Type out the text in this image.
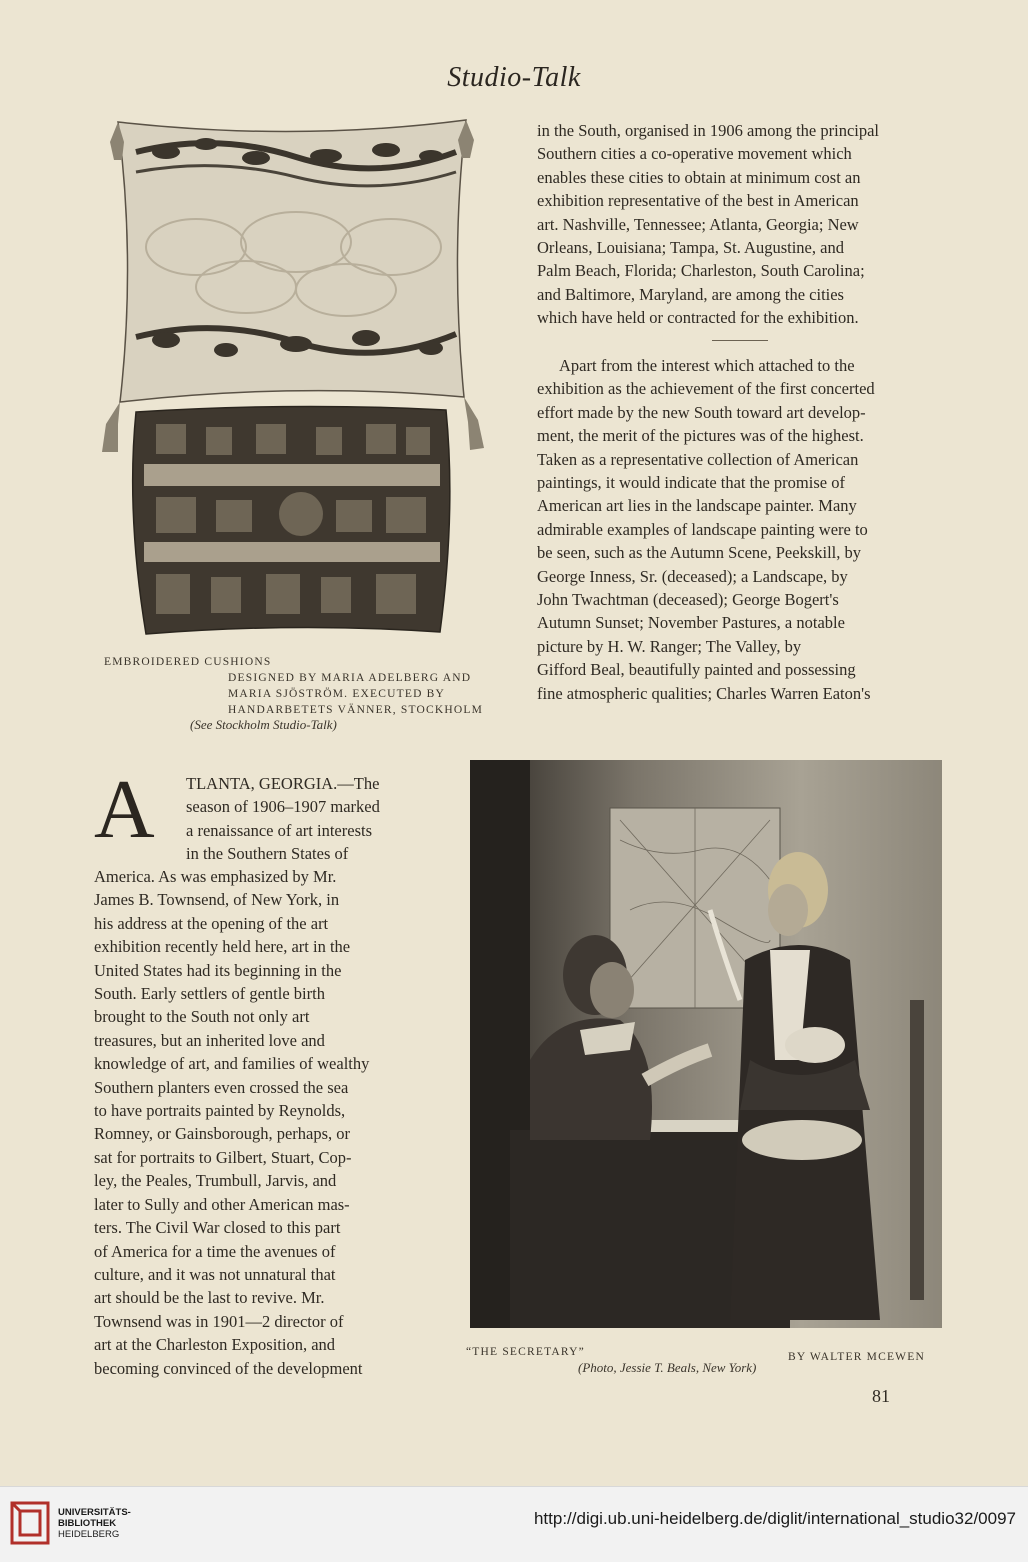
Studio-Talk

in the South, organised in 1906 among the principal

Southern cities a co-operative movement which

enables these cities to obtain at minimum cost an

exhibition representative of the best in American

art. Nashville, Tennessee; Atlanta, Georgia; New

Orleans, Louisiana; Tampa, St. Augustine, and

Palm Beach, Florida; Charleston, South Carolina;

and Baltimore, Maryland, are among the cities

which have held or contracted for the exhibition.

Apart from the interest which attached to the

exhibition as the achievement of the first concerted

effort made by the new South toward art develop-

ment, the merit of the pictures was of the highest.

Taken as a representative collection of American

paintings, it would indicate that the promise of

American art lies in the landscape painter. Many

admirable examples of landscape painting were to

be seen, such as the Autumn Scene, Peekskill, by

George Inness, Sr. (deceased); a Landscape, by

John Twachtman (deceased); George Bogert's

Autumn Sunset; November Pastures, a notable

picture by H. W. Ranger; The Valley, by

Gifford Beal, beautifully painted and possessing

fine atmospheric qualities; Charles Warren Eaton's

EMBROIDERED CUSHIONS
DESIGNED BY MARIA ADELBERG AND
MARIA SJÖSTRÖM. EXECUTED BY
HANDARBETETS VÄNNER, STOCKHOLM
(See Stockholm Studio-Talk)
A TLANTA, GEORGIA.—The

season of 1906–1907 marked

a renaissance of art interests

in the Southern States of

America. As was emphasized by Mr.

James B. Townsend, of New York, in

his address at the opening of the art

exhibition recently held here, art in the

United States had its beginning in the

South. Early settlers of gentle birth

brought to the South not only art

treasures, but an inherited love and

knowledge of art, and families of wealthy

Southern planters even crossed the sea

to have portraits painted by Reynolds,

Romney, or Gainsborough, perhaps, or

sat for portraits to Gilbert, Stuart, Cop-

ley, the Peales, Trumbull, Jarvis, and

later to Sully and other American mas-

ters. The Civil War closed to this part

of America for a time the avenues of

culture, and it was not unnatural that

art should be the last to revive. Mr.

Townsend was in 1901—2 director of

art at the Charleston Exposition, and

becoming convinced of the development

“THE SECRETARY”	BY WALTER MCEWEN
(Photo, Jessie T. Beals, New York)
81
UNIVERSITÄTS-
BIBLIOTHEK
HEIDELBERG
http://digi.ub.uni-heidelberg.de/diglit/international_studio32/0097
